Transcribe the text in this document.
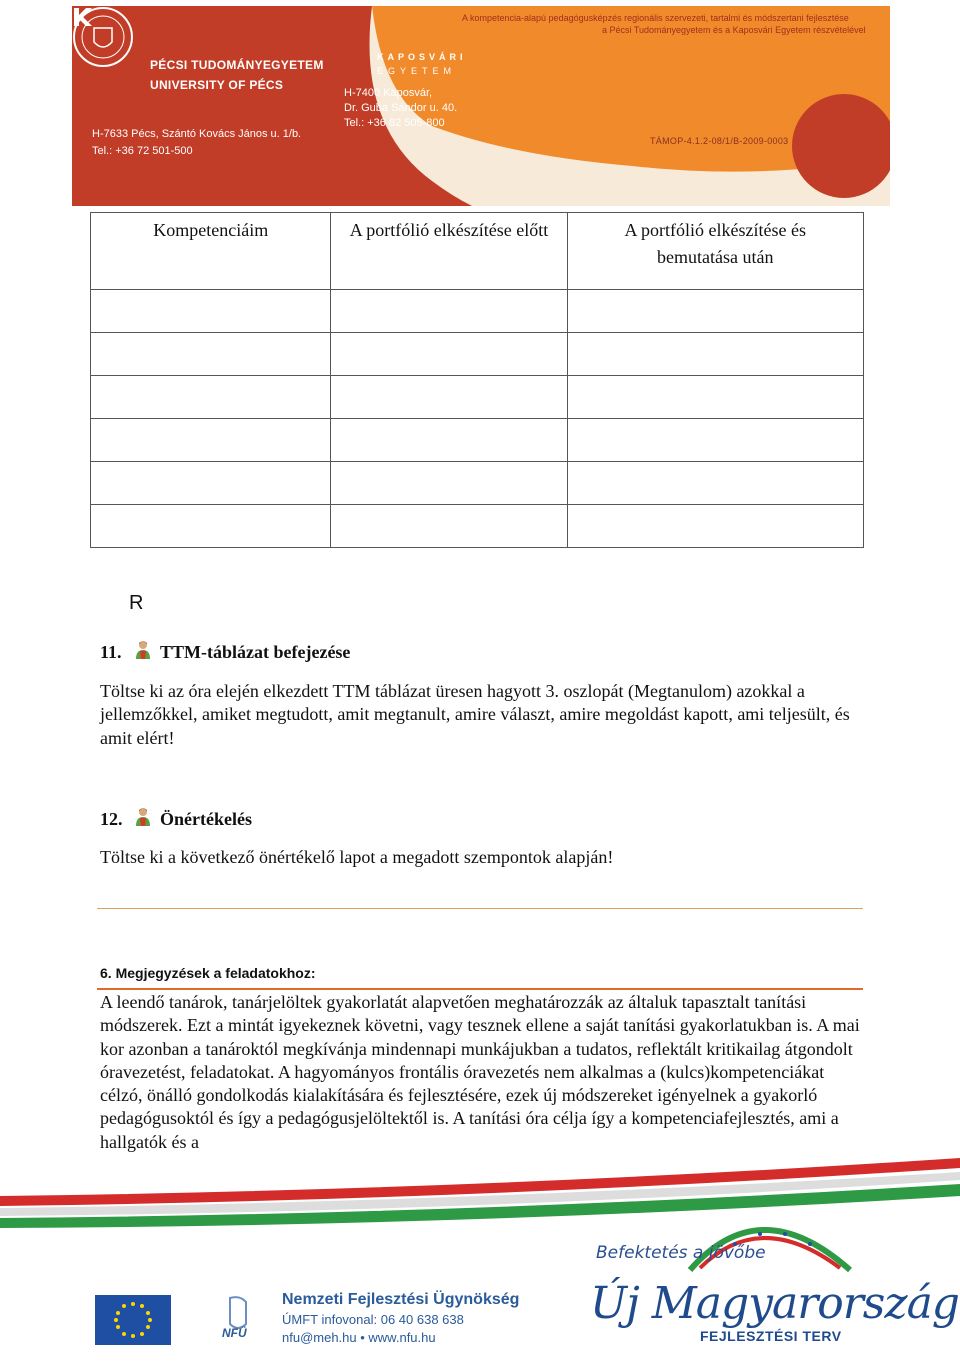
PÉCSI TUDOMÁNYEGYETEM
UNIVERSITY OF PÉCS
H-7633 Pécs, Szántó Kovács János u. 1/b.
Tel.: +36 72 501-500
KAPOSVÁRI
EGYETEM
H-7400 Kaposvár,
Dr. Guba Sándor u. 40.
Tel.: +36 82 505-800
A kompetencia-alapú pedagógusképzés regionális szervezeti, tartalmi és módszertani fejlesztése
a Pécsi Tudományegyetem és a Kaposvári Egyetem részvételével
TÁMOP-4.1.2-08/1/B-2009-0003
Kompetenciáim	A portfólió elkészítése előtt	A portfólió elkészítése és bemutatása után

R
11. TTM-táblázat befejezése
Töltse ki az óra elején elkezdett TTM táblázat üresen hagyott 3. oszlopát (Megtanulom) azokkal a jellemzőkkel, amiket megtudott, amit megtanult, amire választ, amire megoldást kapott, ami teljesült, és amit elért!
12. Önértékelés
Töltse ki a következő önértékelő lapot a megadott szempontok alapján!
6. Megjegyzések a feladatokhoz:
A leendő tanárok, tanárjelöltek gyakorlatát alapvetően meghatározzák az általuk tapasztalt tanítási módszerek. Ezt a mintát igyekeznek követni, vagy tesznek ellene a saját tanítási gyakorlatukban is. A mai kor azonban a tanároktól megkívánja mindennapi munkájukban a tudatos, reflektált kritikailag átgondolt óravezetést, feladatokat. A hagyományos frontális óravezetés nem alkalmas a (kulcs)kompetenciákat célzó, önálló gondolkodás kialakítására és fejlesztésére, ezek új módszereket igényelnek a gyakorló pedagógusoktól és így a pedagógusjelöltektől is. A tanítási óra célja így a kompetenciafejlesztés, ami a hallgatók és a
NFÜ
Nemzeti Fejlesztési Ügynökség
ÚMFT infovonal: 06 40 638 638
nfu@meh.hu • www.nfu.hu
Befektetés a jövőbe
Új Magyarország
FEJLESZTÉSI TERV
